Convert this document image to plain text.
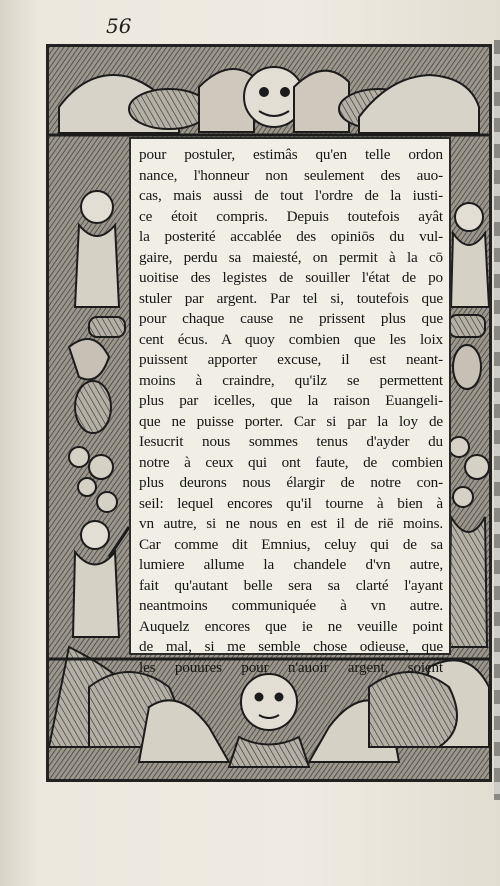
56
pour postuler, estimâs qu'en telle ordon
nance, l'honneur non seulement des auo-
cas, mais aussi de tout l'ordre de la iusti-
ce étoit compris. Depuis toutefois ayât
la posterité accablée des opiniōs du vul-
gaire, perdu sa maiesté, on permit à la cō
uoitise des legistes de souiller l'état de po
stuler par argent. Par tel si, toutefois que
pour chaque cause ne prissent plus que
cent écus. A quoy combien que les loix
puissent apporter excuse, il est neant-
moins à craindre, qu'ilz se permettent
plus par icelles, que la raison Euangeli-
que ne puisse porter. Car si par la loy de
Iesucrit nous sommes tenus d'ayder du
notre à ceux qui ont faute, de combien
plus deurons nous élargir de notre con-
seil: lequel encores qu'il tourne à bien à
vn autre, si ne nous en est il de riē moins.
Car comme dit Emnius, celuy qui de sa
lumiere allume la chandele d'vn autre,
fait qu'autant belle sera sa clarté l'ayant
neantmoins communiquée à vn autre.
Auquelz encores que ie ne veuille point
de mal, si me semble chose odieuse, que
les pouures pour n'auoir argent, soient
